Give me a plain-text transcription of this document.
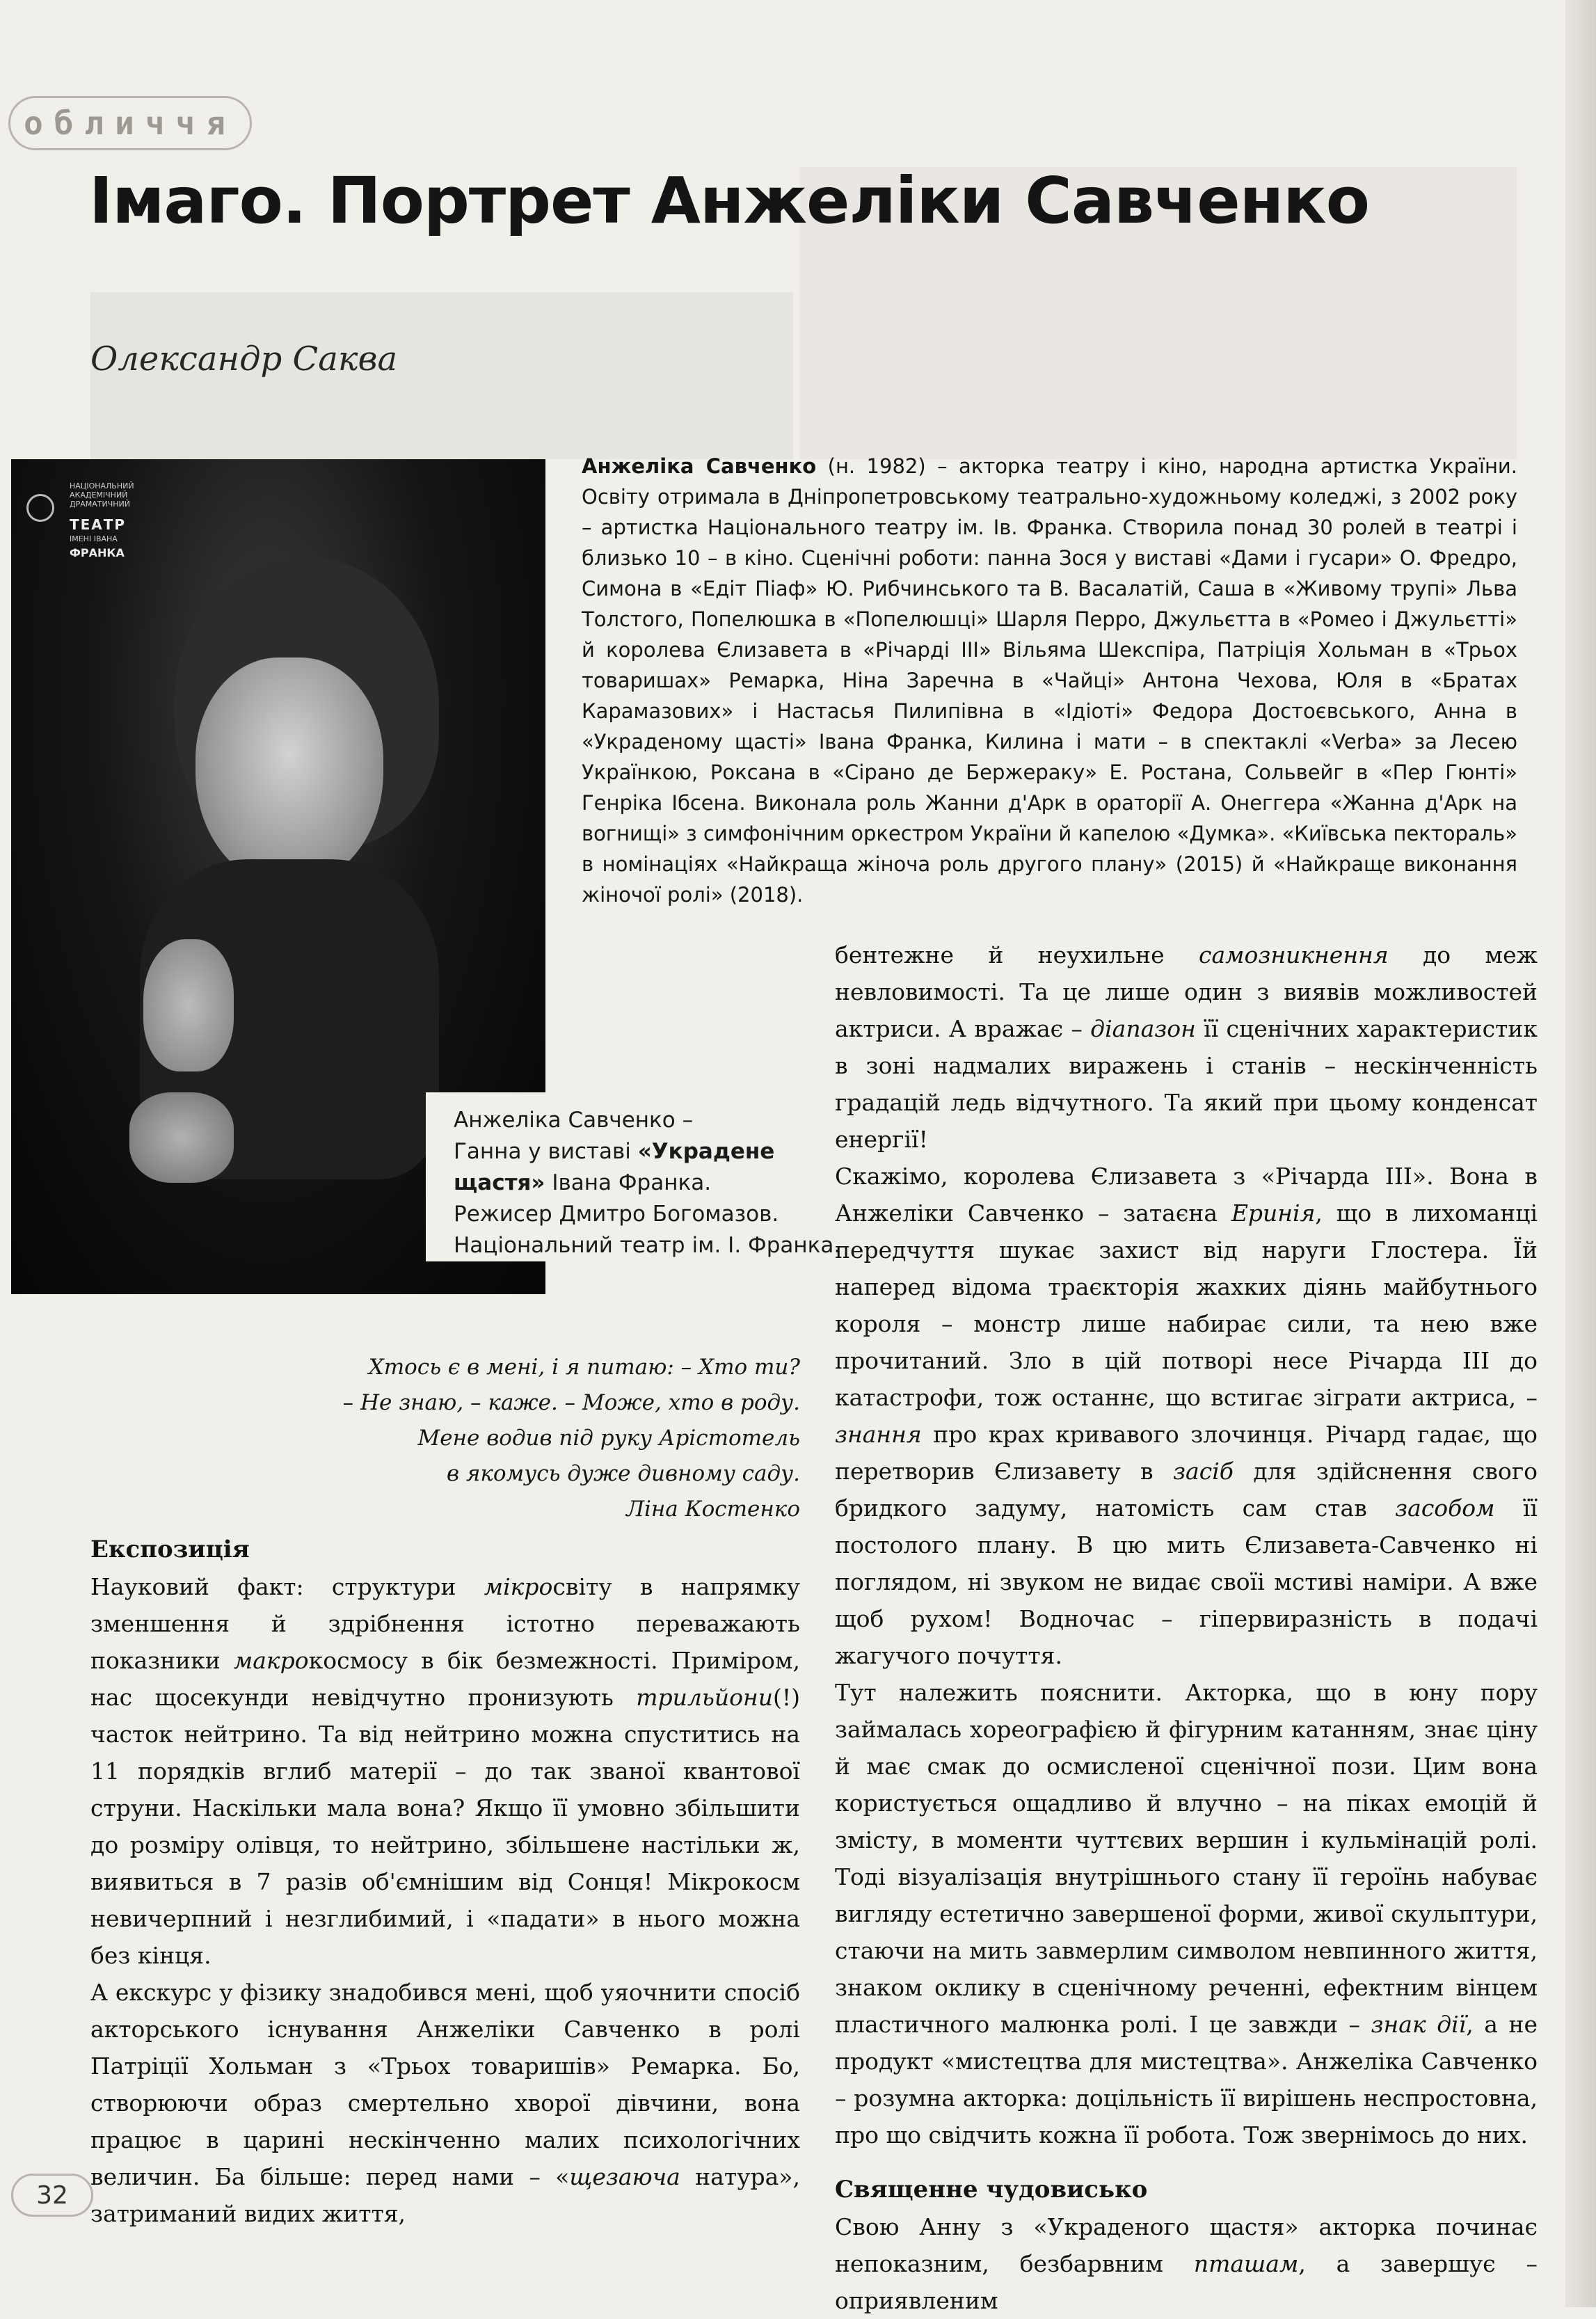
обличчя
Імаго. Портрет Анжеліки Савченко
Олександр Саква
НАЦІОНАЛЬНИЙ АКАДЕМІЧНИЙ ДРАМАТИЧНИЙ
ТЕАТР
ІМЕНІ ІВАНА
ФРАНКА
Анжеліка Савченко –
Ганна у виставі «Украдене щастя» Івана Франка.
Режисер Дмитро Богомазов. Національний театр ім. І. Франка.
Анжеліка Савченко (н. 1982) – акторка театру і кіно, народна артистка України. Освіту отримала в Дніпропетровському театрально-художньому коледжі, з 2002 року – артистка Національного театру ім. Ів. Франка. Створила понад 30 ролей в театрі і близько 10 – в кіно. Сценічні роботи: панна Зося у виставі «Дами і гусари» О. Фредро, Симона в «Едіт Піаф» Ю. Рибчинського та В. Васалатій, Саша в «Живому трупі» Льва Толстого, Попелюшка в «Попелюшці» Шарля Перро, Джульєтта в «Ромео і Джульєтті» й королева Єлизавета в «Річарді ІІІ» Вільяма Шекспіра, Патріція Хольман в «Трьох товаришах» Ремарка, Ніна Заречна в «Чайці» Антона Чехова, Юля в «Братах Карамазових» і Настасья Пилипівна в «Ідіоті» Федора Достоєвського, Анна в «Украденому щасті» Івана Франка, Килина і мати – в спектаклі «Verba» за Лесею Українкою, Роксана в «Сірано де Бержераку» Е. Ростана, Сольвейг в «Пер Гюнті» Генріка Ібсена. Виконала роль Жанни д'Арк в ораторії А. Онеггера «Жанна д'Арк на вогнищі» з симфонічним оркестром України й капелою «Думка». «Київська пектораль» в номінаціях «Найкраща жіноча роль другого плану» (2015) й «Найкраще виконання жіночої ролі» (2018).
Хтось є в мені, і я питаю: – Хто ти?
– Не знаю, – каже. – Може, хто в роду.
Мене водив під руку Арістотель
в якомусь дуже дивному саду.
Ліна Костенко
Експозиція

Науковий факт: структури мікросвіту в напрямку зменшення й здрібнення істотно переважають показники макрокосмосу в бік безмежності. Примiром, нас щосекунди невідчутно пронизують трильйони(!) часток нейтрино. Та від нейтрино можна спуститись на 11 порядків вглиб матерії – до так званої квантової струни. Наскільки мала вона? Якщо її умовно збільшити до розміру олівця, то нейтрино, збільшене настільки ж, виявиться в 7 разів об'ємнішим від Сонця! Мікрокосм невичерпний і незглибимий, і «падати» в нього можна без кінця.

А екскурс у фізику знадобився мені, щоб уяочнити спосіб акторського існування Анжеліки Савченко в ролі Патріції Хольман з «Трьох товаришів» Ремарка. Бо, створюючи образ смертельно хворої дівчини, вона працює в царині нескінченно малих психологічних величин. Ба більше: перед нами – «щезаюча натура», затриманий видих життя,

бентежне й неухильне самозникнення до меж невловимості. Та це лише один з виявів можливостей актриси. А вражає – діапазон її сценічних характеристик в зоні надмалих виражень і станів – нескінченність градацій ледь відчутного. Та який при цьому конденсат енергії!

Скажімо, королева Єлизавета з «Річарда ІІІ». Вона в Анжеліки Савченко – затаєна Еринія, що в лихоманці передчуття шукає захист від наруги Глостера. Їй наперед відома траєкторія жахких діянь майбутнього короля – монстр лише набирає сили, та нею вже прочитаний. Зло в цій потворі несе Річарда ІІІ до катастрофи, тож останнє, що встигає зіграти актриса, – знання про крах кривавого злочинця. Річард гадає, що перетворив Єлизавету в засіб для здійснення свого бридкого задуму, натомість сам став засобом її постолого плану. В цю мить Єлизавета-Савченко ні поглядом, ні звуком не видає своїі мстиві наміри. А вже щоб рухом! Водночас – гіпервиразність в подачі жагучого почуття.

Тут належить пояснити. Акторка, що в юну пору займалась хореографією й фігурним катанням, знає ціну й має смак до осмисленої сценічної пози. Цим вона користується ощадливо й влучно – на піках емоцій й змісту, в моменти чуттєвих вершин і кульмінацій ролі. Тоді візуалізація внутрішнього стану її героїнь набуває вигляду естетично завершеної форми, живої скульптури, стаючи на мить завмерлим символом невпинного життя, знаком оклику в сценічному реченні, ефектним вінцем пластичного малюнка ролі. І це завжди – знак дії, а не продукт «мистецтва для мистецтва». Анжеліка Савченко – розумна акторка: доцільність її вирішень неспростовна, про що свідчить кожна її робота. Тож звернімось до них.

Священне чудовисько

Свою Анну з «Украденого щастя» акторка починає непоказним, безбарвним пташам, а завершує – оприявленим

32
